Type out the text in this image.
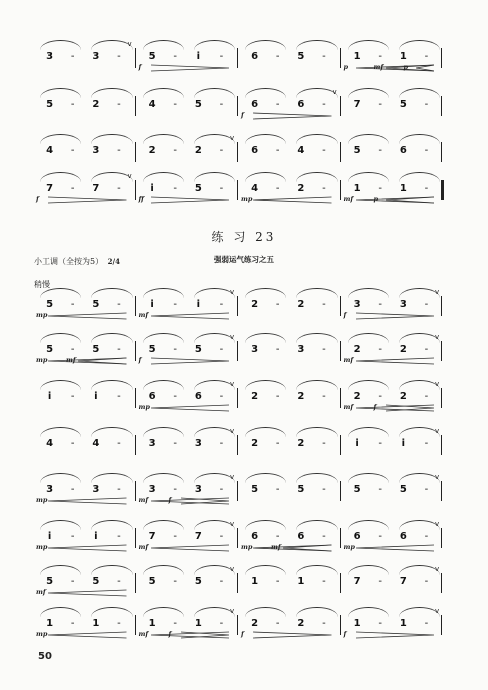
练 习 23
小工调（全按为5） 2/4	强弱运气练习之五
稍慢
3 - 3 -	5 - i -	6 - 5 -	1 - 1 -
v
f	p	mf	p
5 - 2 -	4 - 5 -	6 - 6 -	7 - 5 -
v
f
4 - 3 -	2 - 2 -	6 - 4 -	5 - 6 -
v
7 - 7 -	i - 5 -	4 - 2 -	1 - 1 -
v
f	ff	mp	mf	p
5 - 5 -	i - i -	2 - 2 -	3 - 3 -
v	v
mp	mf	f
5 - 5 -	5 - 5 -	3 - 3 -	2 - 2 -
v	v
mp	mf	f	mf
i - i -	6 - 6 -	2 - 2 -	2 - 2 -
v	v
mp	mf	f
4 - 4 -	3 - 3 -	2 - 2 -	i - i -
v	v
3 - 3 -	3 - 3 -	5 - 5 -	5 - 5 -
v	v
mp	mf	f
i - i -	7 - 7 -	6 - 6 -	6 - 6 -
v	v
mp	mf	mp	mf	mp
5 - 5 -	5 - 5 -	1 - 1 -	7 - 7 -
v	v
mf
1 - 1 -	1 - 1 -	2 - 2 -	1 - 1 -
v	v
mp	mf	f	f	f
50
